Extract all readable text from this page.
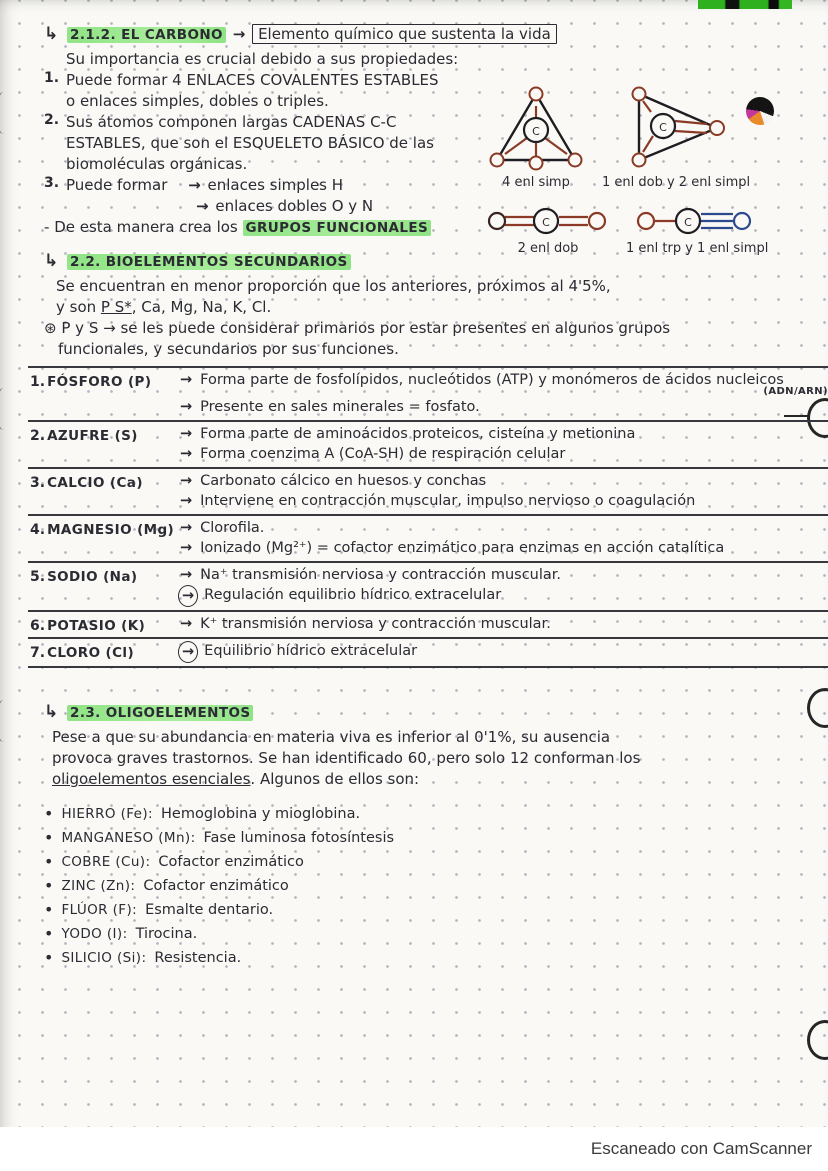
C
4 enl simp
C
1 enl dob y 2 enl simpl
C
2 enl dob
C
1 enl trp y 1 enl simpl
↳ 2.1.2. EL CARBONO → Elemento químico que sustenta la vida
Su importancia es crucial debido a sus propiedades:
1. Puede formar 4 ENLACES COVALENTES ESTABLES
o enlaces simples, dobles o triples.
2. Sus átomos componen largas CADENAS C-C
ESTABLES, que son el ESQUELETO BÁSICO de las
biomoléculas orgánicas.
3. Puede formar → enlaces simples H
→ enlaces dobles O y N
- De esta manera crea los GRUPOS FUNCIONALES
↳ 2.2. BIOELEMENTOS SECUNDARIOS
Se encuentran en menor proporción que los anteriores, próximos al 4'5%,
y son P S*, Ca, Mg, Na, K, Cl.
⊛ P y S → se les puede considerar primarios por estar presentes en algunos grupos
funcionales, y secundarios por sus funciones.
1. FÓSFORO (P)	→ Forma parte de fosfolípidos, nucleótidos (ATP) y monómeros de ácidos nucleicos
(ADN/ARN)
→ Presente en sales minerales = fosfato.
2. AZUFRE (S)	→ Forma parte de aminoácidos proteicos, cisteína y metionina
→ Forma coenzima A (CoA-SH) de respiración celular
3. CALCIO (Ca)	→ Carbonato cálcico en huesos y conchas
→ Interviene en contracción muscular, impulso nervioso o coagulación
4. MAGNESIO (Mg) → Clorofila.
→ Ionizado (Mg²⁺) = cofactor enzimático para enzimas en acción catalítica
5. SODIO (Na)	→ Na⁺ transmisión nerviosa y contracción muscular.
→ Regulación equilibrio hídrico extracelular
6. POTASIO (K)	→ K⁺ transmisión nerviosa y contracción muscular.
7. CLORO (Cl)	→ Equilibrio hídrico extracelular
↳ 2.3. OLIGOELEMENTOS
Pese a que su abundancia en materia viva es inferior al 0'1%, su ausencia
provoca graves trastornos. Se han identificado 60, pero solo 12 conforman los
oligoelementos esenciales. Algunos de ellos son:
• HIERRO (Fe): Hemoglobina y mioglobina.
• MANGANESO (Mn): Fase luminosa fotosíntesis
• COBRE (Cu): Cofactor enzimático
• ZINC (Zn): Cofactor enzimático
• FLÚOR (F): Esmalte dentario.
• YODO (I): Tirocina.
• SILICIO (Si): Resistencia.
Escaneado con CamScanner
